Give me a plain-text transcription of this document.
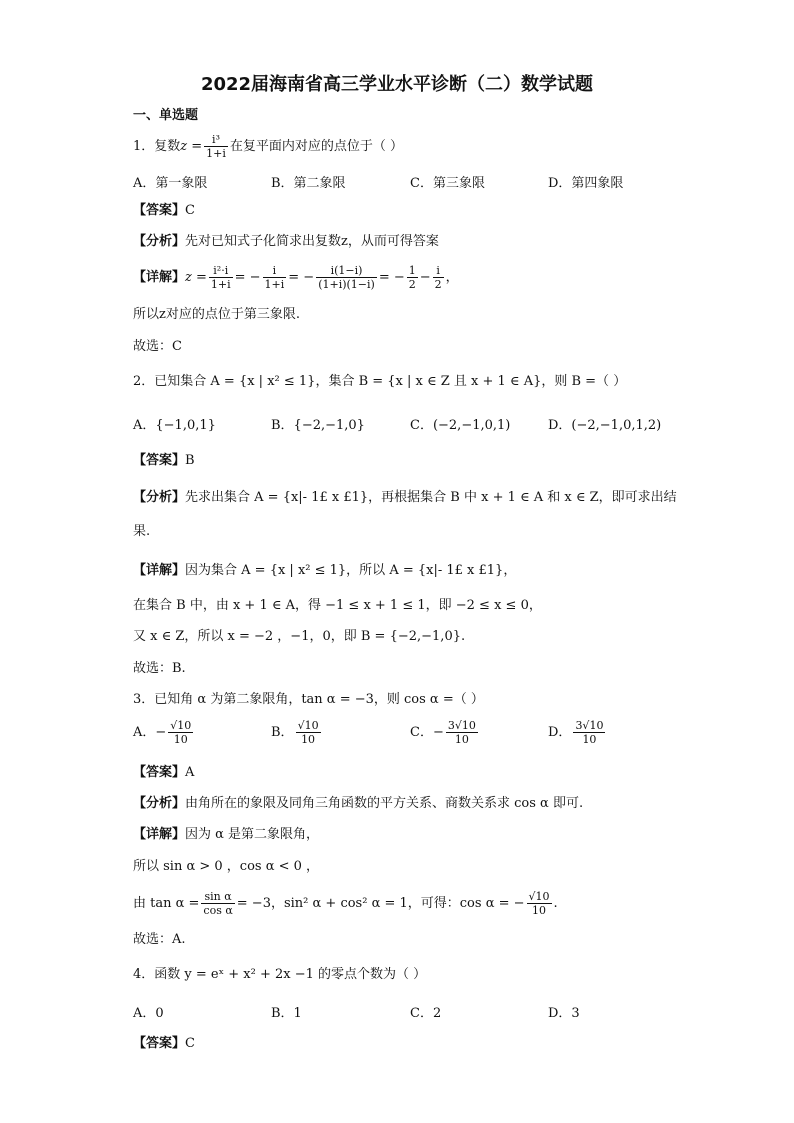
2022届海南省高三学业水平诊断（二）数学试题
一、单选题
1．复数$z = \frac{\text{i³}}{1+i}$ 在复平面内对应的点位于（ ）
A．第一象限	B．第二象限	C．第三象限	D．第四象限
【答案】C
【分析】先对已知式子化简求出复数z，从而可得答案
【详解】$z = \frac{\text{i²·i}}{1+i}$ = − $\frac{i}{1+i}$ = − $\frac{i(1-i)}{(1+i)(1-i)}$ = − $\frac{1}{2} - \frac{i}{2}$ ，
所以z对应的点位于第三象限.
故选：C
2．已知集合 A = {x | x² ≤ 1}，集合 B = {x | x ∈ Z 且 x + 1 ∈ A}，则 B =（ ）
A．{−1,0,1}	B．{−2,−1,0}	C．(−2,−1,0,1)	D．(−2,−1,0,1,2)
【答案】B
【分析】先求出集合 A = {x|- 1£ x £1}，再根据集合 B 中 x + 1 ∈ A 和 x ∈ Z，即可求出结
果.
【详解】因为集合 A = {x | x² ≤ 1}，所以 A = {x|- 1£ x £1}，
在集合 B 中，由 x + 1 ∈ A，得 −1 ≤ x + 1 ≤ 1，即 −2 ≤ x ≤ 0，
又 x ∈ Z，所以 x = −2 ，−1，0，即 B = {−2,−1,0}.
故选：B.
3．已知角 α 为第二象限角，tan α = −3，则 cos α =（ ）
A．− $\frac{√10}{10}$	B． $\frac{√10}{10}$	C．− $\frac{3√10}{10}$	D． $\frac{3√10}{10}$
【答案】A
【分析】由角所在的象限及同角三角函数的平方关系、商数关系求 cos α 即可.
【详解】因为 α 是第二象限角，
所以 sin α > 0 ，cos α < 0 ，
由 $\tan \alpha = \frac{\text{sin α}}{\text{cos α}} = -3$，sin² α + cos² α = 1，可得：cos α = − $\frac{√10}{10}$ .
故选：A.
4．函数 y = eˣ + x² + 2x −1 的零点个数为（ ）
A．0	B．1	C．2	D．3
【答案】C
